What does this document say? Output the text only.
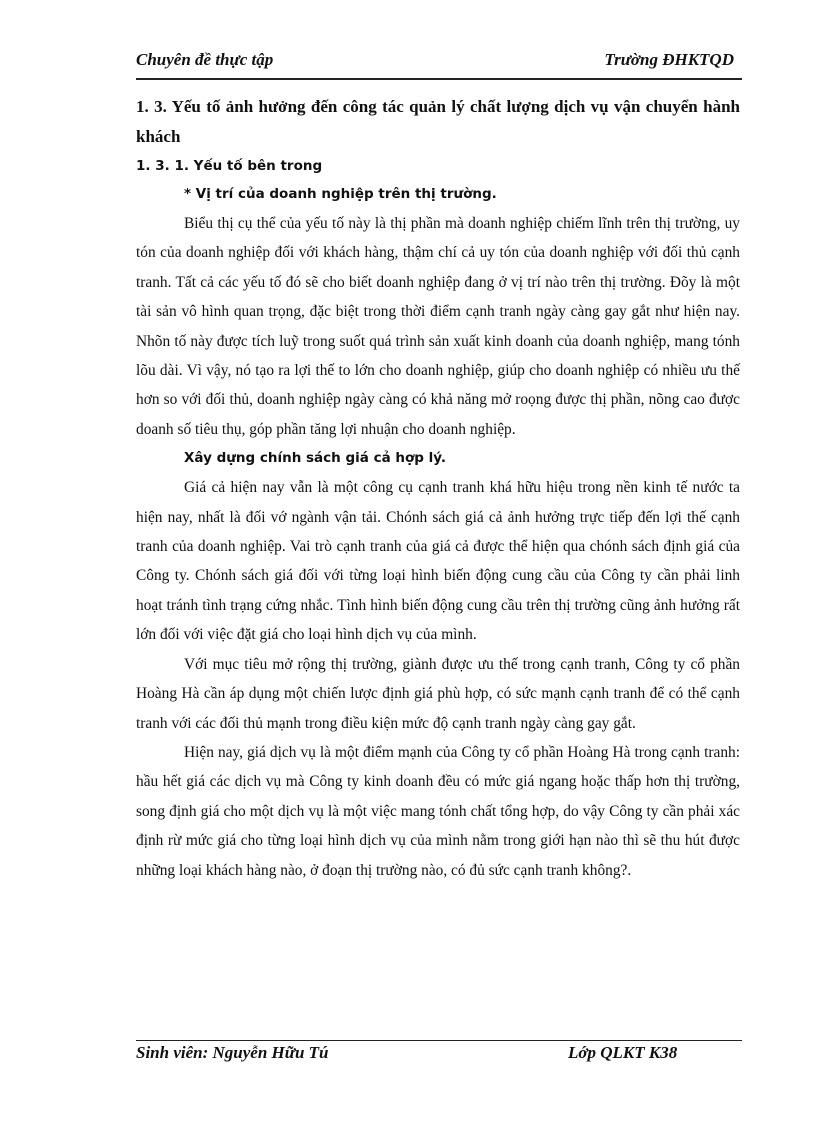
Chuyên đề thực tập	Trường ĐHKTQD

1. 3. Yếu tố ảnh hưởng đến công tác quản lý chất lượng dịch vụ vận chuyển hành khách

1. 3. 1. Yếu tố bên trong

* Vị trí của doanh nghiệp trên thị trường.

Biểu thị cụ thể của yếu tố này là thị phần mà doanh nghiệp chiếm lĩnh trên thị trường, uy tón của doanh nghiệp đối với khách hàng, thậm chí cả uy tón của doanh nghiệp với đối thủ cạnh tranh. Tất cả các yếu tố đó sẽ cho biết doanh nghiệp đang ở vị trí nào trên thị trường. Đõy là một tài sản vô hình quan trọng, đặc biệt trong thời điểm cạnh tranh ngày càng gay gắt như hiện nay. Nhõn tố này được tích luỹ trong suốt quá trình sản xuất kinh doanh của doanh nghiệp, mang tónh lõu dài. Vì vậy, nó tạo ra lợi thế to lớn cho doanh nghiệp, giúp cho doanh nghiệp có nhiều ưu thế hơn so với đối thủ, doanh nghiệp ngày càng có khả năng mở roọng được thị phần, nõng cao được doanh số tiêu thụ, góp phần tăng lợi nhuận cho doanh nghiệp.

Xây dựng chính sách giá cả hợp lý.

Giá cả hiện nay vẫn là một công cụ cạnh tranh khá hữu hiệu trong nền kinh tế nước ta hiện nay, nhất là đối vớ ngành vận tải. Chónh sách giá cả ảnh hưởng trực tiếp đến lợi thế cạnh tranh của doanh nghiệp. Vai trò cạnh tranh của giá cả được thể hiện qua chónh sách định giá của Công ty. Chónh sách giá đối với từng loại hình biến động cung cầu của Công ty cần phải linh hoạt tránh tình trạng cứng nhắc. Tình hình biến động cung cầu trên thị trường cũng ảnh hưởng rất lớn đối với việc đặt giá cho loại hình dịch vụ của mình.

Với mục tiêu mở rộng thị trường, giành được ưu thế trong cạnh tranh, Công ty cổ phần Hoàng Hà cần áp dụng một chiến lược định giá phù hợp, có sức mạnh cạnh tranh để có thể cạnh tranh với các đối thủ mạnh trong điều kiện mức độ cạnh tranh ngày càng gay gắt.

Hiện nay, giá dịch vụ là một điểm mạnh của Công ty cổ phần Hoàng Hà trong cạnh tranh: hầu hết giá các dịch vụ mà Công ty kinh doanh đều có mức giá ngang hoặc thấp hơn thị trường, song định giá cho một dịch vụ là một việc mang tónh chất tổng hợp, do vậy Công ty cần phải xác định rừ mức giá cho từng loại hình dịch vụ của mình nằm trong giới hạn nào thì sẽ thu hút được những loại khách hàng nào, ở đoạn thị trường nào, có đủ sức cạnh tranh không?.

Sinh viên: Nguyễn Hữu Tú	Lớp QLKT K38
